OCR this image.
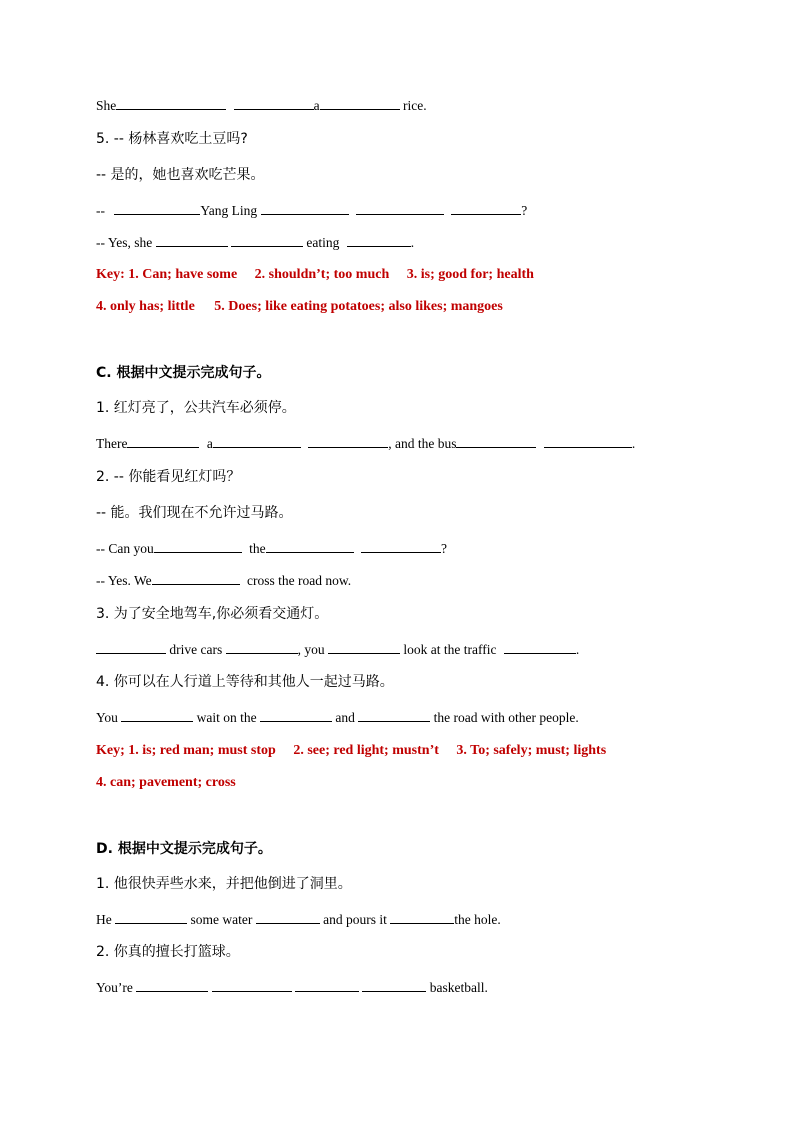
She	a	rice.
5. -- 杨林喜欢吃土豆吗?
-- 是的，她也喜欢吃芒果。
--	Yang Ling	?
-- Yes, she	eating	.
Key: 1. Can; have some 2. shouldn’t; too much 3. is; good for; health
4. only has; little 5. Does; like eating potatoes; also likes; mangoes
C. 根据中文提示完成句子。
1. 红灯亮了，公共汽车必须停。
There	a	, and the bus	.
2. -- 你能看见红灯吗？
-- 能。我们现在不允许过马路。
-- Can you	the	?
-- Yes. We	cross the road now.
3. 为了安全地驾车,你必须看交通灯。
drive cars	, you	look at the traffic	.
4. 你可以在人行道上等待和其他人一起过马路。
You	wait on the	and	the road with other people.
Key; 1. is; red man; must stop 2. see; red light; mustn’t 3. To; safely; must; lights
4. can; pavement; cross
D. 根据中文提示完成句子。
1. 他很快弄些水来，并把他倒进了洞里。
He	some water	and pours it	the hole.
2. 你真的擅长打篮球。
You’re	basketball.
